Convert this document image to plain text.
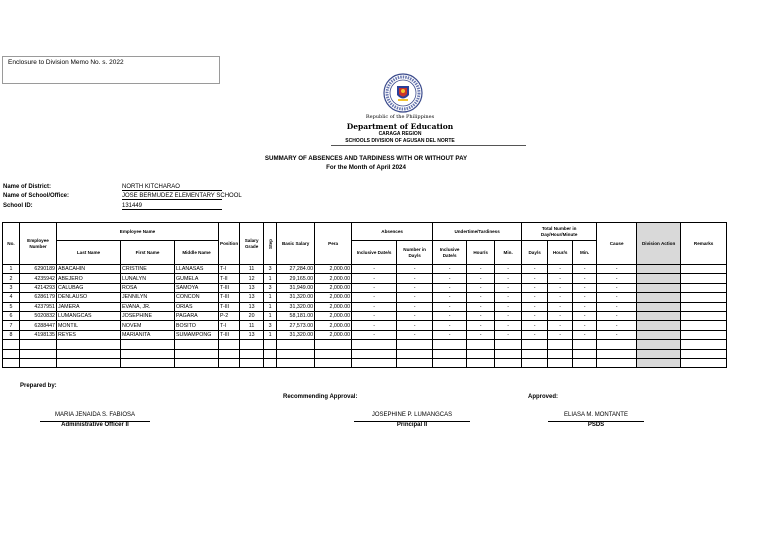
Enclosure to Division Memo No. s. 2022
Republic of the Philippines
Department of Education
CARAGA REGION
SCHOOLS DIVISION OF AGUSAN DEL NORTE
SUMMARY OF ABSENCES AND TARDINESS WITH OR WITHOUT PAY
For the Month of April 2024
Name of District:	NORTH KITCHARAO
Name of School/Office:	JOSE BERMUDEZ ELEMENTARY SCHOOL
School ID:	131449
No.	Employee Number	Employee Name			Position	Salary Grade	Step	Basic Salary	Pera	Absences		Undertime/Tardiness			Total Number in Day/Hour/Minute			Cause	Division Action	Remarks
		Last Name	First Name	Middle Name						Inclusive Date/s	Number in Day/s	Inclusive Date/s	Hour/s	Min.	Day/s	Hour/s	Min.			
1	6290189	ABACAHIN	CRISTINE	LLANASAS	T-I	11	3	27,284.00	2,000.00	-	-	-	-	-	-	-	-	-		
2	4235942	ABEJERO	LUNALYN	GUMELA	T-II	12	1	29,165.00	2,000.00	-	-	-	-	-	-	-	-	-		
3	4214293	CALUBAG	ROSA	SAMOYA	T-III	13	3	31,949.00	2,000.00	-	-	-	-	-	-	-	-	-		
4	6286179	DENLAUSO	JENNILYN	CONCON	T-III	13	1	31,320.00	2,000.00	-	-	-	-	-	-	-	-	-		
5	4237951	JAMERA	EVANA, JR.	ORIAS	T-III	13	1	31,320.00	2,000.00	-	-	-	-	-	-	-	-	-		
6	5020832	LUMANGCAS	JOSEPHINE	PAGARA	P-2	20	1	58,181.00	2,000.00	-	-	-	-	-	-	-	-	-		
7	6288447	MONTIL	NOVEM	BOSITO	T-I	11	3	27,573.00	2,000.00	-	-	-	-	-	-	-	-	-		
8	4198135	REYES	MARIANITA	SUMAMPONG	T-III	13	1	31,320.00	2,000.00	-	-	-	-	-	-	-	-	-		

Prepared by:
Recommending Approval:	Approved:
MARIA JENAIDA S. FABIOSA
Administrative Officer II
JOSEPHINE P. LUMANGCAS
Principal II
ELIASA M. MONTANTE
PSDS
